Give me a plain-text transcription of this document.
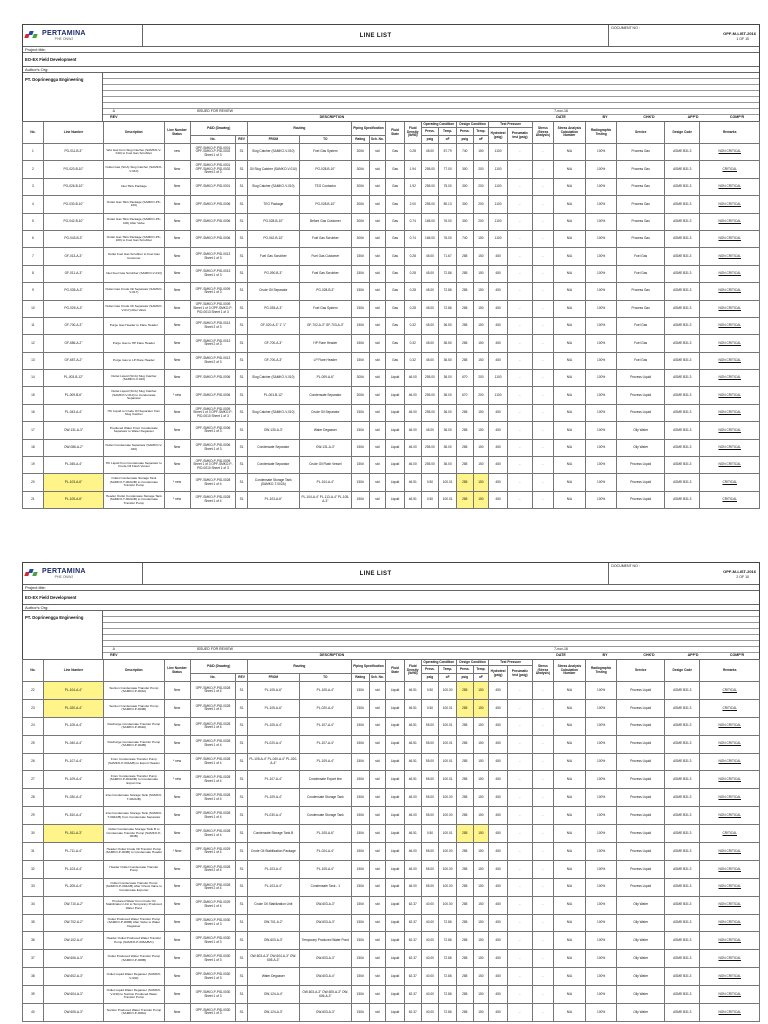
PERTAMINA
PHE ONWJ
LINE LIST
DOCUMENT NO :
OPF-M-LIST-2016
1 OF 10
Project title:
EO-EX Field Development
Author's Org:
PT. Doprinengga Engineering
A	ISSUED FOR REVIEW	7-nov-16
REV	DESCRIPTION	DATE	BY	CHK'D	APP'D	COMP'R
No.	Line Number	Description	Line Number Status	P&ID (Drawing)		Routing		Piping Specification		Fluid State	Fluid Density (lb/ft3)	Operating Condition		Design Condition		Test Pressure		Stress (Stress Analysis)	Stress Analysis Calculation Number	Radiographic Testing	Service	Design Code	Remarks
												Press.	Temp.	Press.	Temp.	Hydrotest (psig)	Pneumatic test (psig)						
				No.	REV	FROM	TO	Rating	Sch. No.			psig	oF	psig	oF								
1	PG-011-B-3"	Wet Gas from Slug Catcher (SAMKO-V-010) to Fuel Gas Scrubber	new	OPF-SMKO-P-PID-0001 OPF-SMKO-P-PID-0002 Sheet 1 of 3	S1	Slug Catcher (SAMKO-V-010)	Fuel Gas System	300#	std	Gas	0.28	45.00	67.79	740	150	1100	-	-	N/A	100%	Process Gas	ASME B31.3	NON CRITICAL
2	PG-020-B-10"	Outlet Gas (SCA) Slug Catcher (SAMKO-V-010)	New	OPF-SMKO-P-PID-0001 OPF-SMKO-P-PID-0002 Sheet 2 of 3	S1	Oil Slug Catcher (SAMKO-V-010)	PG-028-B-10"	300#	std	Gas	1.94	255.00	77.00	300	200	1100	-	-	N/A	100%	Process Gas	ASME B31.3	CRITICAL
3	PG-026-B-10"	Inlet TEG Package	New	OPF-SMKO-P-PID-0001	S1	Slug Catcher (SAMKO-V-010)	TEG Contactor	300#	std	Gas	1.92	255.00	75.00	300	200	1100	-	-	N/A	100%	Process Gas	ASME B31.3	NON CRITICAL
4	PG-030-B-10"	Outlet Gas TEG Package (SAMKO-PK-100)	New	OPF-SMKO-P-PID-0006	S1	TEG Package	PG-028-B-10"	300#	std	Gas	2.00	255.00	80.13	300	200	1100	-	-	N/A	100%	Process Gas	ASME B31.3	NON CRITICAL
5	PG-042-B-10"	Outlet Gas TEG Package (SAMKO-PK-100) After Valve	New	OPF-SMKO-P-PID-0006	S1	PG-028-B-10"	Before Gas Customer	300#	std	Gas	0.74	165.00	76.00	300	200	1100	-	-	N/A	100%	Process Gas	ASME B31.3	NON CRITICAL
6	PG-043-B-3"	Outlet Gas TEG Package (SAMKO-PK-100) to Fuel Gas Scrubber	New	OPF-SMKO-P-PID-0006	S1	PG-042-B-10"	Fuel Gas Scrubber	300#	std	Gas	0.74	165.00	76.00	740	150	1100	-	-	N/A	100%	Process Gas	ASME B31.3	NON CRITICAL
7	GF-013-A-3"	Outlet Fuel Gas Scrubber to Fuel Gas Customer	New	OPF-SMKO-P-PID-0013 Sheet 1 of 3	S1	Fuel Gas Scrubber	Fuel Gas Customer	150#	std	Gas	0.28	45.00	71.67	285	150	450	-	-	N/A	100%	Fuel Gas	ASME B31.3	NON CRITICAL
8	GF-011-A-3"	Inlet Fuel Gas Scrubber (SAMKO-V-013)	New	OPF-SMKO-P-PID-0013 Sheet 1 of 3	S1	PG-090-B-3"	Fuel Gas Scrubber	150#	std	Gas	0.28	45.00	72.86	285	150	450	-	-	N/A	100%	Fuel Gas	ASME B31.3	NON CRITICAL
9	PG-035-A-3"	Outlet Gas Crude Oil Separator (SAMKO-V-017)	New	OPF-SMKO-P-PID-0009 Sheet 1 of 3	S1	Crude Oil Separator	PG-028-B-3"	150#	std	Gas	0.28	45.00	72.86	285	150	450	-	-	N/A	100%	Process Gas	ASME B31.3	NON CRITICAL
10	PG-029-A-3"	Outlet Gas Crude Oil Separator (SAMKO-V-017) After Valve	New	OPF-SMKO-P-PID-0009 Sheet 1 of 3 OPF-SMKO-P-PID-0013 Sheet 1 of 3	S1	PG-035-A-3"	Fuel Gas System	150#	std	Gas	0.28	45.00	72.86	285	150	450	-	-	N/A	100%	Process Gas	ASME B31.3	NON CRITICAL
11	GF-700-A-3"	Purge Gas Header to Flare Header	New	OPF-SMKO-P-PID-0013 Sheet 2 of 3	S1	GF-020-A-3" 1" 1"	GF-702-A-3" GF-703-A-3"	150#	std	Gas	0.32	45.00	36.50	285	150	450	-	-	N/A	100%	Fuel Gas	ASME B31.3	NON CRITICAL
12	GF-656-A-2"	Purge Gas to HP Flare Header	New	OPF-SMKO-P-PID-0013 Sheet 2 of 3	S1	GF-700-A-3"	HP Flare Header	150#	std	Gas	0.32	45.00	36.50	285	150	450	-	-	N/A	100%	Fuel Gas	ASME B31.3	NON CRITICAL
13	GF-657-A-2"	Purge Gas to LP Flare Header	New	OPF-SMKO-P-PID-0013 Sheet 2 of 3	S1	GF-700-A-3"	LP Flare Header	150#	std	Gas	0.32	45.00	36.50	285	150	450	-	-	N/A	100%	Fuel Gas	ASME B31.3	NON CRITICAL
14	PL-003-B-12"	Outlet Liquid (SCA) Slug Catcher (SAMKO-V-010)	New	OPF-SMKO-P-PID-0006	S1	Slug Catcher (SAMKO-V-010)	PL-009-A-6"	300#	std	Liquid	46.00	255.00	36.00	670	200	1100	-	-	N/A	100%	Process Liquid	ASME B31.3	NON CRITICAL
15	PL-009-B-6"	Outlet Liquid (SCA) Slug Catcher (SAMKO-V-010) to Condensate Separator	* new	OPF-SMKO-P-PID-0006	S1	PL-003-B-12"	Condensate Separator	300#	std	Liquid	46.00	255.00	36.00	670	200	1100	-	-	N/A	100%	Process Liquid	ASME B31.3	NON CRITICAL
16	PL-043-A-4"	HC Liquid to Crude Oil Separator from Slug Catcher	New	OPF-SMKO-P-PID-0009 Sheet 1 of 3 OPF-SMKO-P-PID-0010 Sheet 1 of 3	S1	Slug Catcher (SAMKO-V-010)	Crude Oil Separator	150#	std	Liquid	46.00	255.00	36.00	285	150	450	-	-	N/A	100%	Process Liquid	ASME B31.3	NON CRITICAL
17	OW-131-A-3"	Produced Water From Condensate Separator to Water Degasser	New	OPF-SMKO-P-PID-0006 Sheet 1 of 3	S1	OW-130-A-3"	Water Degasser	150#	std	Liquid	46.00	45.00	36.00	285	150	450	-	-	N/A	100%	Oily Water	ASME B31.3	NON CRITICAL
18	OW-086-A-2"	Outlet Condensate Separator (SAMKO-V-040)	New	OPF-SMKO-P-PID-0006 Sheet 1 of 3	S1	Condensate Separator	OW-131-A-3"	150#	std	Liquid	46.00	255.00	36.00	285	150	450	-	-	N/A	100%	Oily Water	ASME B31.3	NON CRITICAL
19	PL-045-A-4"	HC Liquid from Condensate Separator to Crude Oil Flash Vessel	New	OPF-SMKO-P-PID-0009 Sheet 1 of 3 OPF-SMKO-P-PID-0010 Sheet 1 of 3	S1	Condensate Separator	Crude Oil Flash Vessel	150#	std	Liquid	46.00	255.00	36.00	285	150	450	-	-	N/A	100%	Process Liquid	ASME B31.3	NON CRITICAL
20	PL-103-A-6"	Outlet Condensate Storage Tank (SAMKO-T-002A/B) to Condensate Transfer Pump	* new	OPF-SMKO-P-PID-0028 Sheet 1 of 4	S1	Condensate Storage Tank (SAMKO-T-002A)	PL-104-A-4"	150#	std	Liquid	46.51	0.50	100.01	285	150	450	-	-	N/A	100%	Process Liquid	ASME B31.3	CRITICAL
21	PL-105-A-6"	Header Outlet Condensate Storage Tank (SAMKO-T-002A/B) to Condensate Transfer Pump	* new	OPF-SMKO-P-PID-0028 Sheet 1 of 4	S1	PL-103-A-6"	PL-104-A-4" PL-113-A-4" PL-105-A-3"	150#	std	Liquid	46.51	0.50	100.01	285	150	450	-	-	N/A	100%	Process Liquid	ASME B31.3	CRITICAL
PERTAMINA
PHE ONWJ
LINE LIST
DOCUMENT NO :
OPF-M-LIST-2016
2 OF 10
Project title:
EO-EX Field Development
Author's Org:
PT. Doprinengga Engineering
A	ISSUED FOR REVIEW	7-nov-16
REV	DESCRIPTION	DATE	BY	CHK'D	APP'D	COMP'R
No.	Line Number	Description	Line Number Status	P&ID (Drawing)		Routing		Piping Specification		Fluid State	Fluid Density (lb/ft3)	Operating Condition		Design Condition		Test Pressure		Stress (Stress Analysis)	Stress Analysis Calculation Number	Radiographic Testing	Service	Design Code	Remarks
												Press.	Temp.	Press.	Temp.	Hydrotest (psig)	Pneumatic test (psig)						
				No.	REV	FROM	TO	Rating	Sch. No.			psig	oF	psig	oF								
22	PL-104-A-4"	Suction Condensate Transfer Pump (SAMKO-P-004A)	New	OPF-SMKO-P-PID-0028 Sheet 1 of 4	S1	PL-105-A-6"	PL-105-A-4"	150#	std	Liquid	46.51	0.50	100.00	285	150	450	-	-	N/A	100%	Process Liquid	ASME B31.3	CRITICAL
23	PL-020-A-4"	Suction Condensate Transfer Pump (SAMKO-P-004B)	New	OPF-SMKO-P-PID-0028 Sheet 1 of 4	S1	PL-105-A-6"	PL-020-A-4"	150#	std	Liquid	46.51	0.50	100.01	285	150	450	-	-	N/A	100%	Process Liquid	ASME B31.3	CRITICAL
24	PL-105-A-4"	Discharge Condensate Transfer Pump (SAMKO-P-004A)	New	OPF-SMKO-P-PID-0028 Sheet 1 of 4	S1	PL-105-A-4"	PL-107-A-4"	150#	std	Liquid	46.51	55.00	100.01	285	150	450	-	-	N/A	100%	Process Liquid	ASME B31.3	NON CRITICAL
25	PL-040-A-4"	Discharge Condensate Transfer Pump (SAMKO-P-004B)	New	OPF-SMKO-P-PID-0028 Sheet 1 of 4	S1	PL-020-A-4"	PL-107-A-4"	150#	std	Liquid	46.51	55.00	100.01	285	150	450	-	-	N/A	100%	Process Liquid	ASME B31.3	NON CRITICAL
26	PL-107-A-4"	From Condensate Transfer Pump (SAMKO-P-004A/B) to Export Header	* new	OPF-SMKO-P-PID-0028 Sheet 1 of 4	S1	PL-105-A-4" PL-040-A-4" PL-020-A-4"	PL-109-A-4"	150#	std	Liquid	46.51	55.00	100.01	285	150	450	-	-	N/A	100%	Process Liquid	ASME B31.3	NON CRITICAL
27	PL-109-A-4"	From Condensate Transfer Pump (SAMKO-P-004A/B) to Condensate Export line	* new	OPF-SMKO-P-PID-0028 Sheet 1 of 4	S1	PL-107-A-4"	Condensate Export line	150#	std	Liquid	46.51	55.00	100.01	285	150	450	-	-	N/A	100%	Process Liquid	ASME B31.3	NON CRITICAL
28	PL-030-A-4"	Inlet Condensate Storage Tank (SAMKO-T-002A/B)	New	OPF-SMKO-P-PID-0028 Sheet 1 of 4	S1	PL-109-A-4"	Condensate Storage Tank	150#	std	Liquid	46.00	55.00	100.00	285	150	450	-	-	N/A	100%	Process Liquid	ASME B31.3	NON CRITICAL
29	PL-510-A-4"	Inlet Condensate Storage Tank (SAMKO-T-002A/B) from Condensate Separator	New	OPF-SMKO-P-PID-0028 Sheet 1 of 4	S1	PL-030-A-4"	Condensate Storage Tank	150#	std	Liquid	46.00	55.00	100.00	285	150	450	-	-	N/A	100%	Process Liquid	ASME B31.3	NON CRITICAL
30	PL-511-A-3"	Outlet Condensate Storage Tank B to Condensate Transfer Pump (SAMKO-P-004B)	New	OPF-SMKO-P-PID-0028 Sheet 1 of 4	S1	Condensate Storage Tank B	PL-105-A-6"	150#	std	Liquid	46.51	0.50	100.01	285	150	450	-	-	N/A	100%	Process Liquid	ASME B31.3	CRITICAL
31	PL-711-A-4"	Header Outlet Crude Oil Transfer Pump (SAMKO-P-004B) to Condensate Header	* New	OPF-SMKO-P-PID-0029 Sheet 1 of 4	S1	Crude Oil Stabilization Package	PL-024-A-4"	150#	std	Liquid	46.00	55.00	100.00	285	150	450	-	-	N/A	100%	Process Liquid	ASME B31.3	NON CRITICAL
32	PL-103-A-4"	Header Outlet Condensate Transfer Pump	New	OPF-SMKO-P-PID-0028 Sheet 2 of 4	S1	PL-103-A-4"	PL-105-A-4"	150#	std	Liquid	46.00	55.00	100.00	285	150	450	-	-	N/A	100%	Process Liquid	ASME B31.3	NON CRITICAL
33	PL-205-A-4"	Outlet Condensate Transfer Pump (SAMKO-P-004A/B) After Check Valve to Condensate Exporter	New	OPF-SMKO-P-PID-0028 Sheet 2 of 4	S1	PL-103-A-4"	Condensate Tank - 1	150#	std	Liquid	46.00	55.00	100.00	285	150	450	-	-	N/A	100%	Process Liquid	ASME B31.3	NON CRITICAL
34	OW-710-A-2"	Produced Water from Crude Oil Stabilization Unit to Temporary Produced Water Pond	New	OPF-SMKO-P-PID-0029 Sheet 1 of 4	S1	Crude Oil Stabilization Unit	OW-603-A-3"	150#	std	Liquid	62.37	40.00	100.00	285	150	450	-	-	N/A	100%	Oily Water	ASME B31.3	NON CRITICAL
35	OW-702-A-2"	Outlet Produced Water Transfer Pump (SAMKO-P-006B) After Valve to Water Degasser	New	OPF-SMKO-P-PID-0030 Sheet 1 of 3	S1	OW-701-A-2"	OW-603-A-3"	150#	std	Liquid	62.37	40.00	72.86	285	150	450	-	-	N/A	100%	Oily Water	ASME B31.3	NON CRITICAL
36	OW-102-A-4"	Header Outlet Produced Water Transfer Pump (SAMKO-P-006A/B/C)	New	OPF-SMKO-P-PID-0030 Sheet 1 of 3	S1	OW-603-A-3"	Temporary Produced Water Pond	150#	std	Liquid	62.37	40.00	72.86	285	150	450	-	-	N/A	100%	Oily Water	ASME B31.3	NON CRITICAL
37	OW-606-A-3"	Outlet Produced Water Transfer Pump (SAMKO-P-006B)	New	OPF-SMKO-P-PID-0030 Sheet 1 of 3	S1	OW-603-A-3" OW-604-A-3" OW-605-A-3"	OW-603-A-3"	150#	std	Liquid	62.37	40.00	72.86	285	150	450	-	-	N/A	100%	Oily Water	ASME B31.3	NON CRITICAL
38	OW-602-A-3"	Outlet Liquid Water Degasser (SAMKO-V-040)	New	OPF-SMKO-P-PID-0030 Sheet 1 of 3	S1	Water Degasser	OW-603-A-4"	150#	std	Liquid	62.37	40.00	72.86	285	150	450	-	-	N/A	100%	Oily Water	ASME B31.3	NON CRITICAL
39	OW-604-A-3"	Outlet Liquid Water Degasser (SAMKO-V-040) to Suction Produced Water Transfer Pump	New	OPF-SMKO-P-PID-0030 Sheet 1 of 3	S1	OW-124-A-4"	OW-603-A-3" OW-605-A-3" OW-606-A-3"	150#	std	Liquid	62.37	40.00	72.86	285	150	450	-	-	N/A	100%	Oily Water	ASME B31.3	NON CRITICAL
40	OW-605-A-3"	Suction Produced Water Transfer Pump (SAMKO-P-006A)	New	OPF-SMKO-P-PID-0030 Sheet 1 of 3	S1	OW-124-A-3"	OW-603-A-3"	150#	std	Liquid	62.37	40.00	72.86	285	150	450	-	-	N/A	100%	Oily Water	ASME B31.3	NON CRITICAL
